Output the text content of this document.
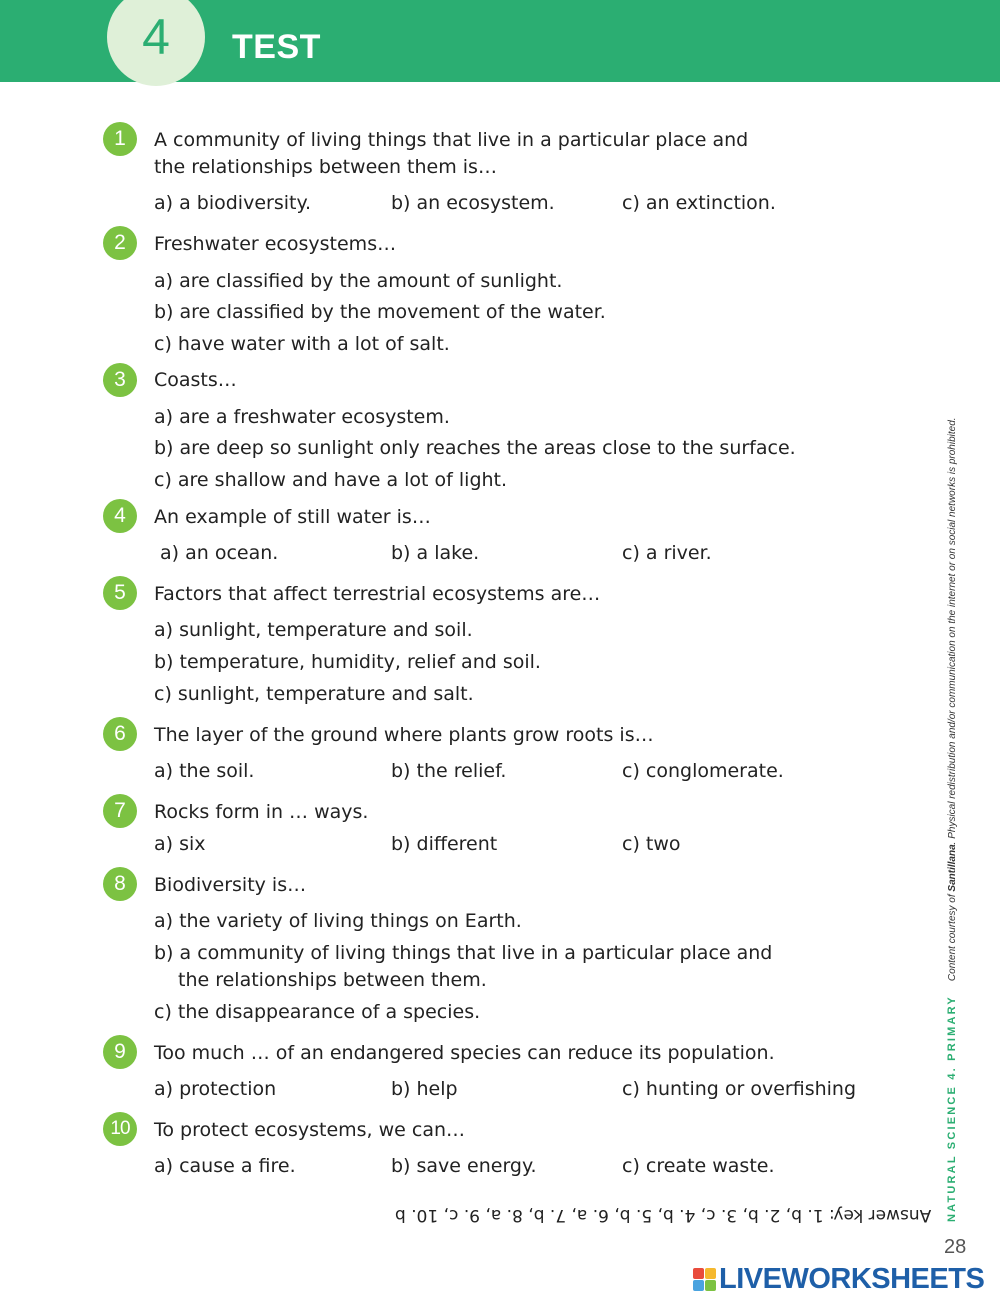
4	TEST
1	A community of living things that live in a particular place and
the relationships between them is…
a) a biodiversity.	b) an ecosystem.	c) an extinction.
2	Freshwater ecosystems…
a) are classified by the amount of sunlight.
b) are classified by the movement of the water.
c) have water with a lot of salt.
3	Coasts…
a) are a freshwater ecosystem.
b) are deep so sunlight only reaches the areas close to the surface.
c) are shallow and have a lot of light.
4	An example of still water is…
a) an ocean.	b) a lake.	c) a river.
5	Factors that affect terrestrial ecosystems are…
a) sunlight, temperature and soil.
b) temperature, humidity, relief and soil.
c) sunlight, temperature and salt.
6	The layer of the ground where plants grow roots is…
a) the soil.	b) the relief.	c) conglomerate.
7	Rocks form in … ways.
a) six	b) different	c) two
8	Biodiversity is…
a) the variety of living things on Earth.
b) a community of living things that live in a particular place and
the relationships between them.
c) the disappearance of a species.
9	Too much … of an endangered species can reduce its population.
a) protection	b) help	c) hunting or overfishing
10	To protect ecosystems, we can…
a) cause a fire.	b) save energy.	c) create waste.
Answer key: 1. b, 2. b, 3. c, 4. b, 5. b, 6. a, 7. b, 8. a, 9. c, 10. b NATURAL SCIENCE 4. PRIMARYContent courtesy of Santillana. Physical redistribution and/or communication on the internet or on social networks is prohibited.
28
LIVEWORKSHEETS
